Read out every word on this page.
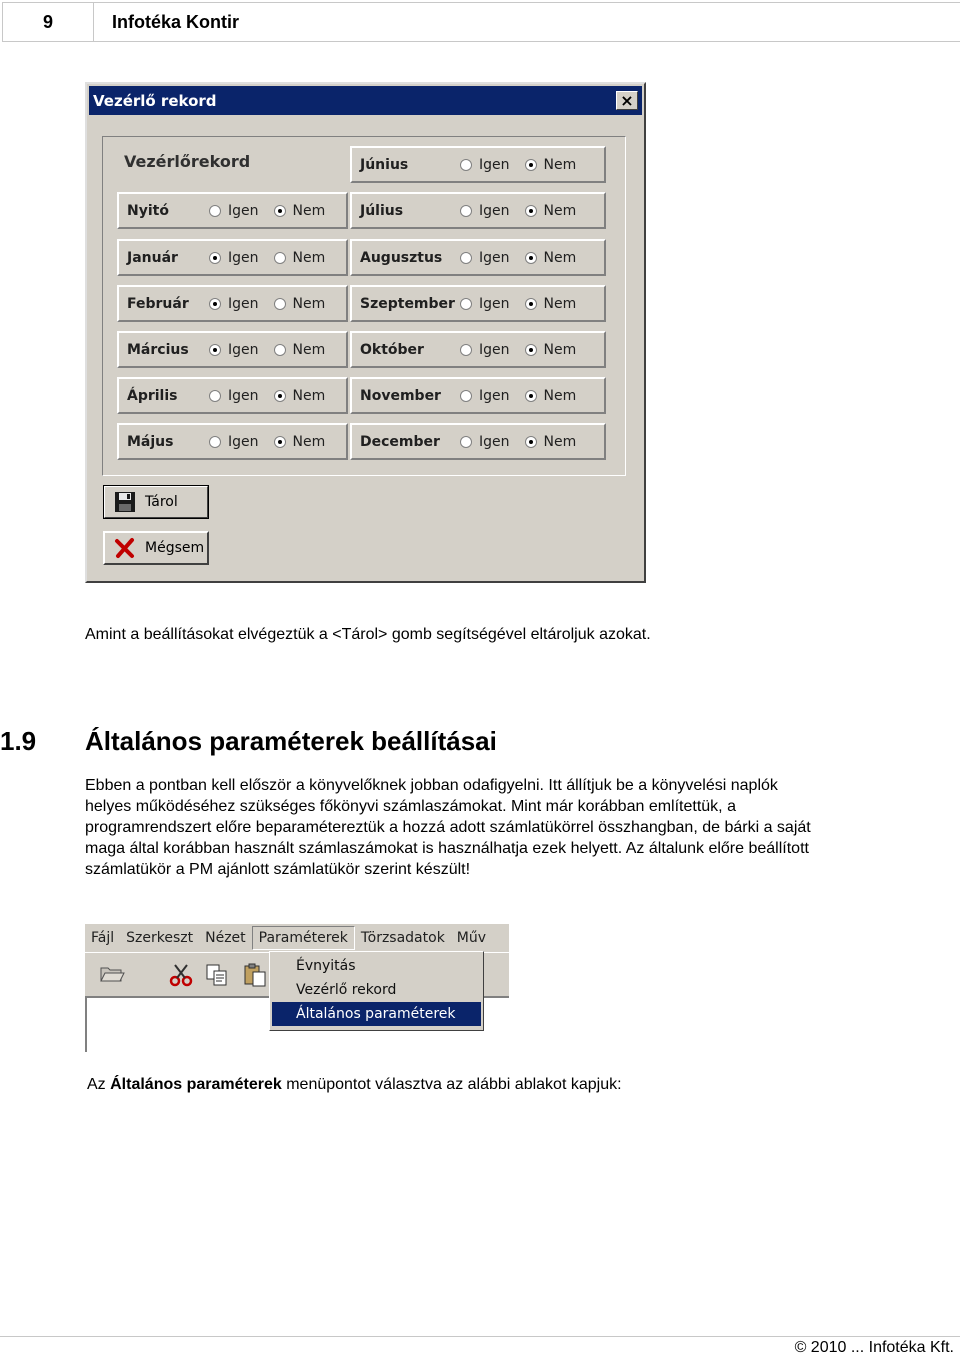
9	Infotéka Kontir
Vezérlő rekord	×
Vezérlőrekord
Nyitó	Igen Nem
Január	Igen Nem
Február	Igen Nem
Március	Igen Nem
Április	Igen Nem
Május	Igen Nem
Június	Igen Nem
Július	Igen Nem
Augusztus	Igen Nem
Szeptember	Igen Nem
Október	Igen Nem
November	Igen Nem
December	Igen Nem
Tárol
Mégsem
Amint a beállításokat elvégeztük a <Tárol> gomb segítségével eltároljuk azokat.
1.9 Általános paraméterek beállításai
Ebben a pontban kell először a könyvelőknek jobban odafigyelni. Itt állítjuk be a könyvelési naplók
helyes működéséhez szükséges főkönyvi számlaszámokat. Mint már korábban említettük, a
programrendszert előre beparamétereztük a hozzá adott számlatükörrel összhangban, de bárki a saját
maga által korábban használt számlaszámokat is használhatja ezek helyett. Az általunk előre beállított
számlatükör a PM ajánlott számlatükör szerint készült!
Fájl Szerkeszt Nézet Paraméterek Törzsadatok Műv
Évnyitás
Vezérlő rekord
Általános paraméterek
Az Általános paraméterek menüpontot választva az alábbi ablakot kapjuk:
© 2010 ... Infotéka Kft.
